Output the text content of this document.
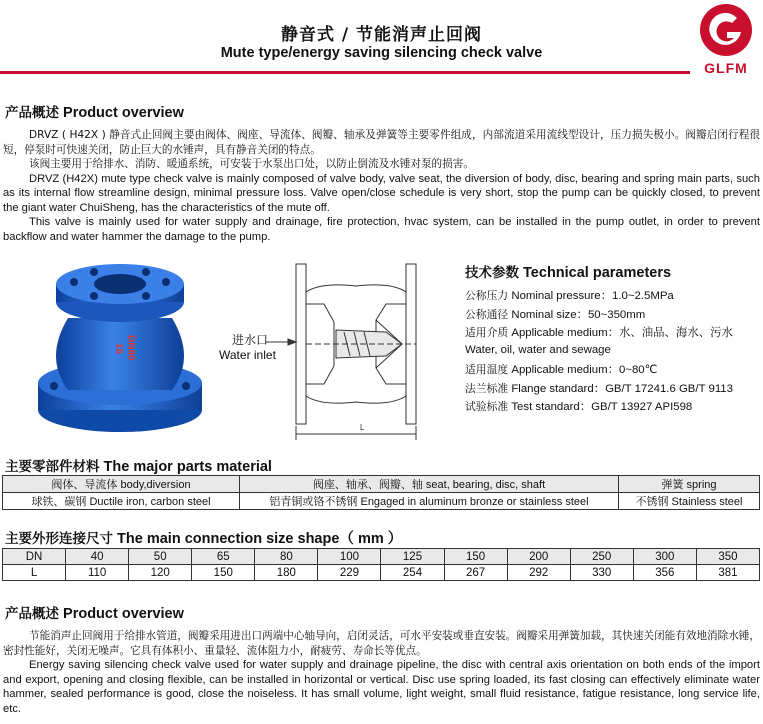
静音式 / 节能消声止回阀
Mute type/energy saving silencing check valve
GLFM
产品概述 Product overview

DRVZ ( H42X ) 静音式止回阀主要由阀体、阀座、导流体、阀瓣、轴承及弹簧等主要零件组成，内部流道采用流线型设计，压力损失极小。阀瓣启闭行程很短，停泵时可快速关闭，防止巨大的水锤声，具有静音关闭的特点。

该阀主要用于给排水、消防、暖通系统，可安装于水泵出口处，以防止倒流及水锤对泵的损害。

DRVZ (H42X) mute type check valve is mainly composed of valve body, valve seat, the diversion of body, disc, bearing and spring main parts, such as its internal flow streamline design, minimal pressure loss. Valve open/close schedule is very short, stop the pump can be quickly closed, to prevent the giant water ChuiSheng, has the characteristics of the mute off.

This valve is mainly used for water supply and drainage, fire protection, hvac system, can be installed in the pump outlet, in order to prevent backflow and water hammer the damage to the pump.

DN80
16
L
进水口
Water inlet
技术参数 Technical parameters
公称压力 Nominal pressure：1.0~2.5MPa
公称通径 Nominal size：50~350mm
适用介质 Applicable medium：水、油品、海水、污水
Water, oil, water and sewage
适用温度 Applicable medium：0~80℃
法兰标准 Flange standard：GB/T 17241.6 GB/T 9113
试验标准 Test standard：GB/T 13927 API598
主要零部件材料 The major parts material
阀体、导流体 body,diversion	阀座、轴承、阀瓣、轴 seat, bearing, disc, shaft	弹簧 spring
球铁、碳钢 Ductile iron, carbon steel	铝青铜或铬不锈钢 Engaged in aluminum bronze or stainless steel	不锈钢 Stainless steel
主要外形连接尺寸 The main connection size shape（ mm ）
DN	40	50	65	80	100	125	150	200	250	300	350
L	110	120	150	180	229	254	267	292	330	356	381
产品概述 Product overview

节能消声止回阀用于给排水管道，阀瓣采用进出口两端中心轴导向，启闭灵活，可水平安装或垂直安装。阀瓣采用弹簧加载，其快速关闭能有效地消除水锤，密封性能好，关闭无噪声。它具有体积小、重量轻、流体阻力小，耐疲劳、寿命长等优点。

Energy saving silencing check valve used for water supply and drainage pipeline, the disc with central axis orientation on both ends of the import and export, opening and closing flexible, can be installed in horizontal or vertical. Disc use spring loaded, its fast closing can effectively eliminate water hammer, sealed performance is good, close the noiseless. It has small volume, light weight, small fluid resistance, fatigue resistance, long service life, etc.
